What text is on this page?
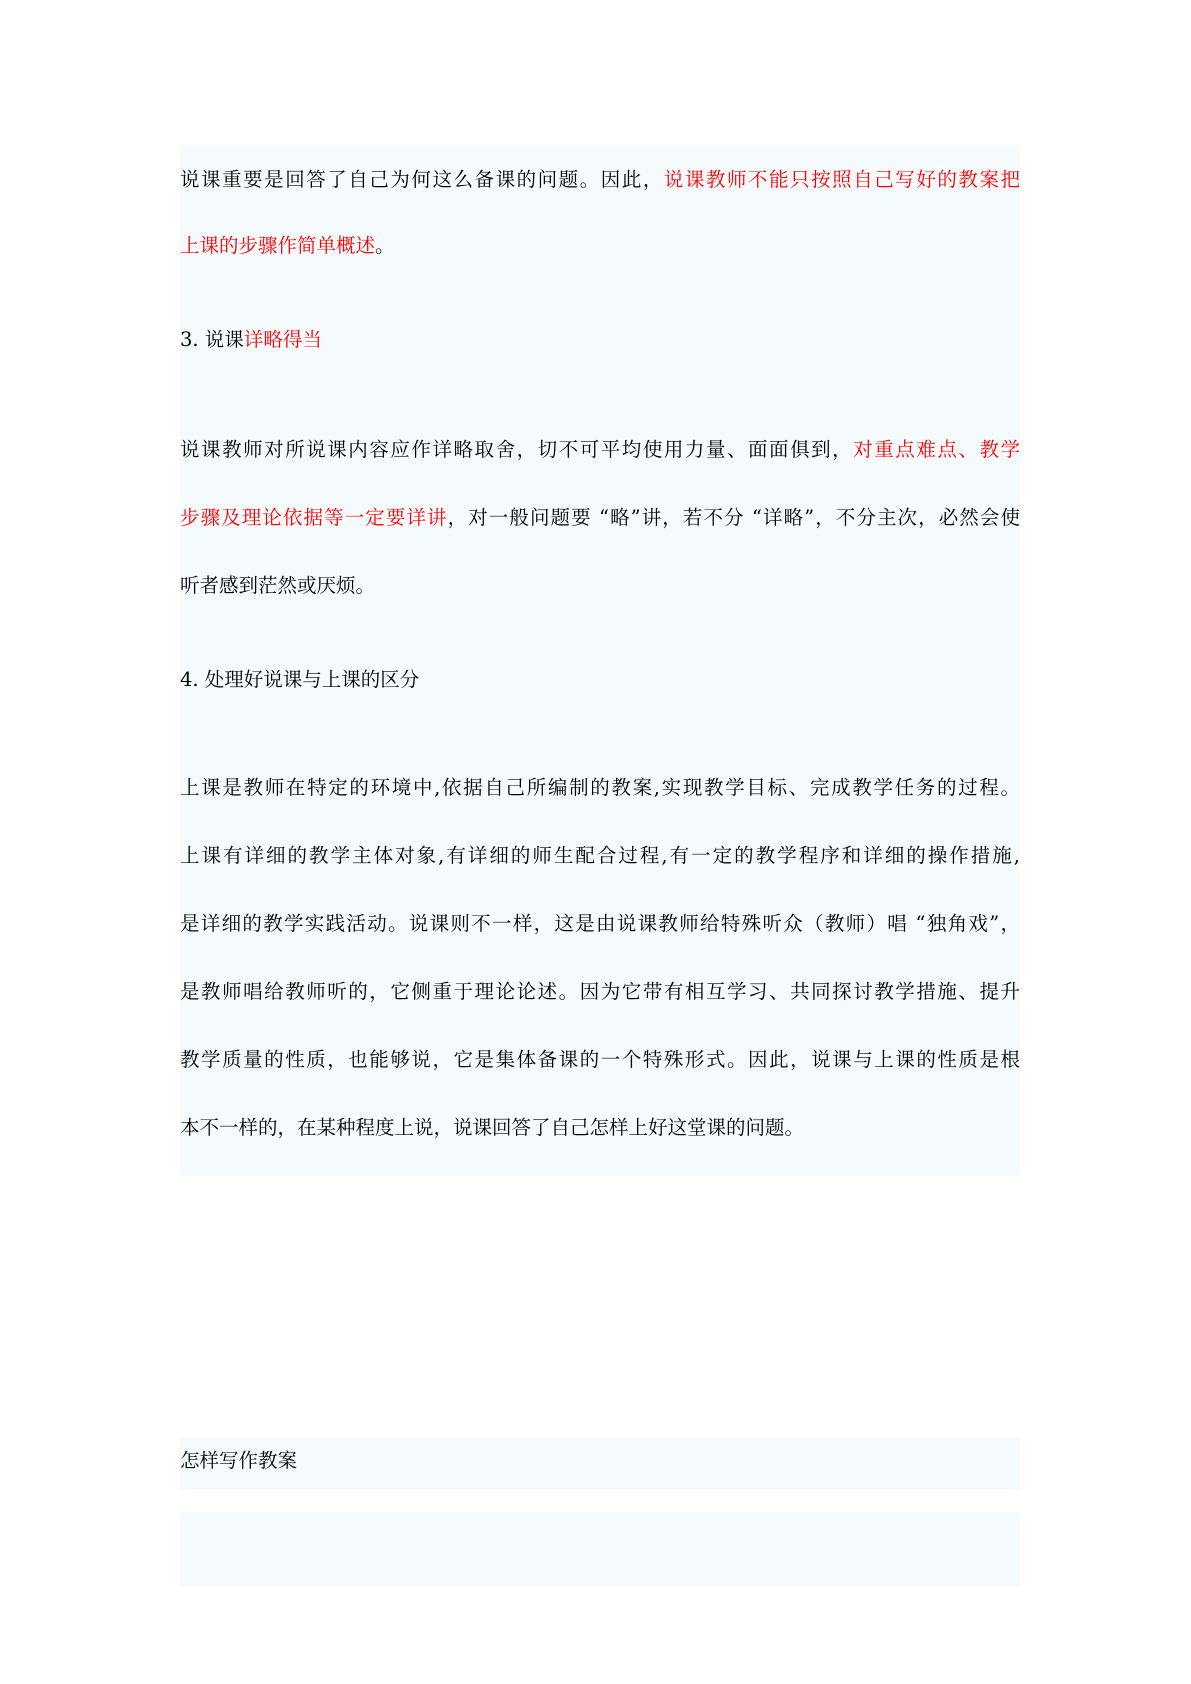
说课重要是回答了自己为何这么备课的问题。因此，说课教师不能只按照自己写好的教案把
上课的步骤作简单概述。
3. 说课详略得当
说课教师对所说课内容应作详略取舍，切不可平均使用力量、面面俱到，对重点难点、教学
步骤及理论依据等一定要详讲，对一般问题要 “略”讲，若不分 “详略”，不分主次，必然会使
听者感到茫然或厌烦。
4. 处理好说课与上课的区分
上课是教师在特定的环境中,依据自己所编制的教案,实现教学目标、完成教学任务的过程。
上课有详细的教学主体对象,有详细的师生配合过程,有一定的教学程序和详细的操作措施,
是详细的教学实践活动。说课则不一样，这是由说课教师给特殊听众（教师）唱 “独角戏”，
是教师唱给教师听的，它侧重于理论论述。因为它带有相互学习、共同探讨教学措施、提升
教学质量的性质，也能够说，它是集体备课的一个特殊形式。因此，说课与上课的性质是根
本不一样的，在某种程度上说，说课回答了自己怎样上好这堂课的问题。
怎样写作教案
